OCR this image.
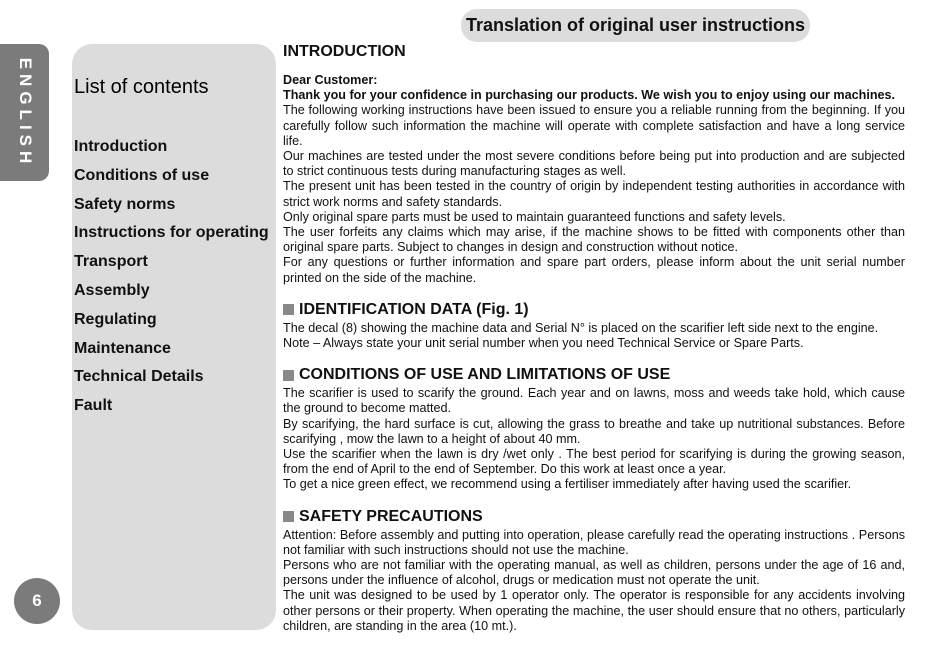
Translation of original user instructions
ENGLISH List of contents
Introduction
Conditions of use
Safety norms
Instructions for operating
Transport
Assembly
Regulating
Maintenance
Technical Details
Fault
6
INTRODUCTION

Dear Customer:

Thank you for your confidence in purchasing our products. We wish you to enjoy using our machines.

The following working instructions have been issued to ensure you a reliable running from the beginning. If you carefully follow such information the machine will operate with complete satisfaction and have a long service life.

Our machines are tested under the most severe conditions before being put into production and are subjected to strict continuous tests during manufacturing stages as well.

The present unit has been tested in the country of origin by independent testing authorities in accordance with strict work norms and safety standards.

Only original spare parts must be used to maintain guaranteed functions and safety levels.

The user forfeits any claims which may arise, if the machine shows to be fitted with components other than original spare parts. Subject to changes in design and construction without notice.

For any questions or further information and spare part orders, please inform about the unit serial number printed on the side of the machine.

IDENTIFICATION DATA (Fig. 1)

The decal (8) showing the machine data and Serial N° is placed on the scarifier left side next to the engine.

Note – Always state your unit serial number when you need Technical Service or Spare Parts.

CONDITIONS OF USE AND LIMITATIONS OF USE

The scarifier is used to scarify the ground. Each year and on lawns, moss and weeds take hold, which cause the ground to become matted.

By scarifying, the hard surface is cut, allowing the grass to breathe and take up nutritional substances. Before scarifying , mow the lawn to a height of about 40 mm.

Use the scarifier when the lawn is dry /wet only . The best period for scarifying is during the growing season, from the end of April to the end of September. Do this work at least once a year.

To get a nice green effect, we recommend using a fertiliser immediately after having used the scarifier.

SAFETY PRECAUTIONS

Attention: Before assembly and putting into operation, please carefully read the operating instructions . Persons not familiar with such instructions should not use the machine.

Persons who are not familiar with the operating manual, as well as children, persons under the age of 16 and, persons under the influence of alcohol, drugs or medication must not operate the unit.

The unit was designed to be used by 1 operator only. The operator is responsible for any accidents involving other persons or their property. When operating the machine, the user should ensure that no others, particularly children, are standing in the area (10 mt.).
